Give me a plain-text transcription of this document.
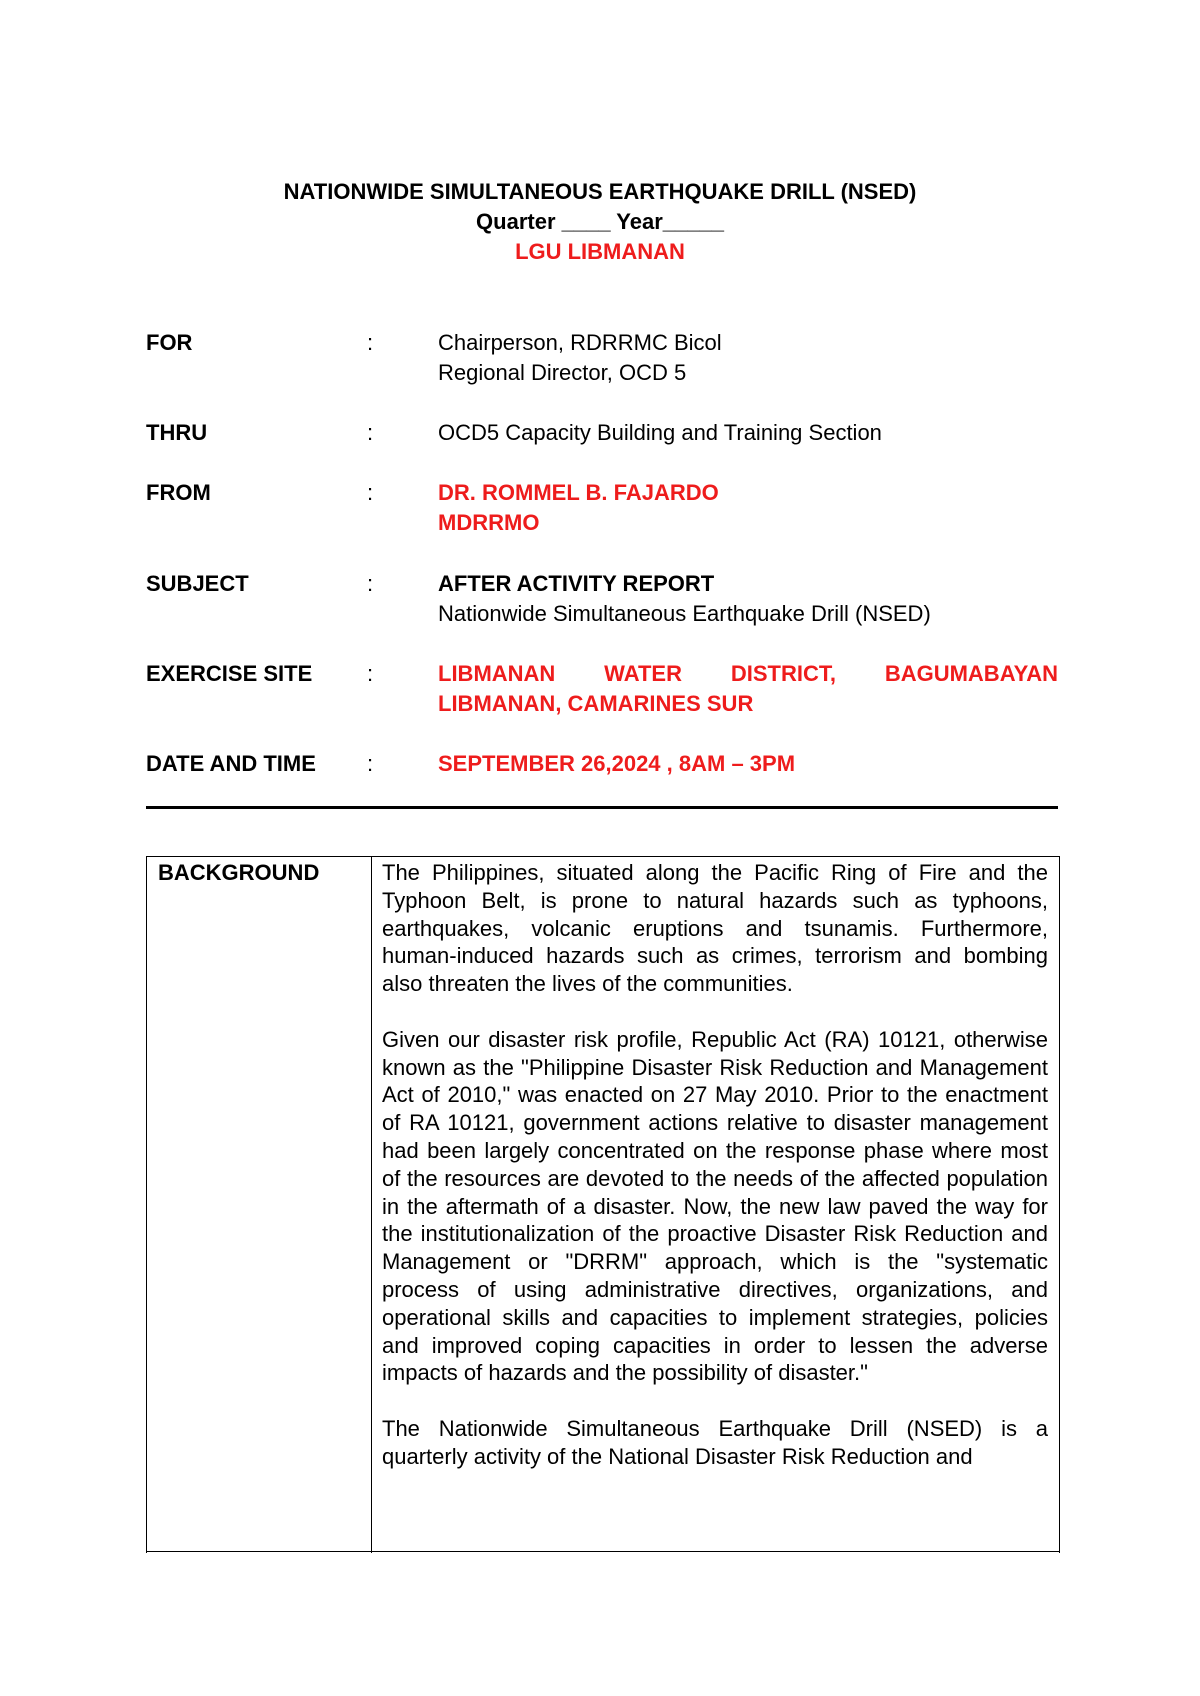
NATIONWIDE SIMULTANEOUS EARTHQUAKE DRILL (NSED)
Quarter ____ Year_____
LGU LIBMANAN
FOR	:	Chairperson, RDRRMC Bicol
Regional Director, OCD 5
THRU	:	OCD5 Capacity Building and Training Section
FROM	:	DR. ROMMEL B. FAJARDO
MDRRMO
SUBJECT	:	AFTER ACTIVITY REPORT
Nationwide Simultaneous Earthquake Drill (NSED)
EXERCISE SITE :	LIBMANAN WATER DISTRICT, BAGUMABAYAN
LIBMANAN, CAMARINES SUR
DATE AND TIME :	SEPTEMBER 26,2024 , 8AM – 3PM
BACKGROUND	The Philippines, situated along the Pacific Ring of Fire and the Typhoon Belt, is prone to natural hazards such as typhoons, earthquakes, volcanic eruptions and tsunamis. Furthermore, human-induced hazards such as crimes, terrorism and bombing also threaten the lives of the communities.

Given our disaster risk profile, Republic Act (RA) 10121, otherwise known as the "Philippine Disaster Risk Reduction and Management Act of 2010," was enacted on 27 May 2010. Prior to the enactment of RA 10121, government actions relative to disaster management had been largely concentrated on the response phase where most of the resources are devoted to the needs of the affected population in the aftermath of a disaster. Now, the new law paved the way for the institutionalization of the proactive Disaster Risk Reduction and Management or "DRRM" approach, which is the "systematic process of using administrative directives, organizations, and operational skills and capacities to implement strategies, policies and improved coping capacities in order to lessen the adverse impacts of hazards and the possibility of disaster."

The Nationwide Simultaneous Earthquake Drill (NSED) is a quarterly activity of the National Disaster Risk Reduction and
